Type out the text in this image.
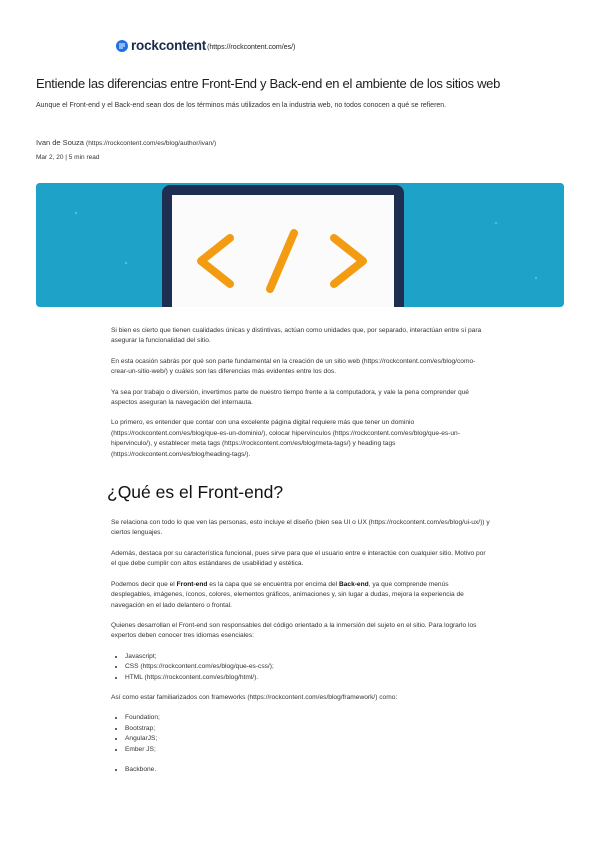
rockcontent (https://rockcontent.com/es/)
Entiende las diferencias entre Front-End y Back-end en el ambiente de los sitios web
Aunque el Front-end y el Back-end sean dos de los términos más utilizados en la industria web, no todos conocen a qué se refieren.
Ivan de Souza (https://rockcontent.com/es/blog/author/ivan/)
Mar 2, 20 | 5 min read

Si bien es cierto que tienen cualidades únicas y distintivas, actúan como unidades que, por separado, interactúan entre sí para asegurar la funcionalidad del sitio.

En esta ocasión sabrás por qué son parte fundamental en la creación de un sitio web (https://rockcontent.com/es/blog/como-crear-un-sitio-web/) y cuáles son las diferencias más evidentes entre los dos.

Ya sea por trabajo o diversión, invertimos parte de nuestro tiempo frente a la computadora, y vale la pena comprender qué aspectos aseguran la navegación del internauta.

Lo primero, es entender que contar con una excelente página digital requiere más que tener un dominio (https://rockcontent.com/es/blog/que-es-un-dominio/), colocar hipervínculos (https://rockcontent.com/es/blog/que-es-un-hipervinculo/), y establecer meta tags (https://rockcontent.com/es/blog/meta-tags/) y heading tags (https://rockcontent.com/es/blog/heading-tags/).

¿Qué es el Front-end?

Se relaciona con todo lo que ven las personas, esto incluye el diseño (bien sea UI o UX (https://rockcontent.com/es/blog/ui-ux/)) y ciertos lenguajes.

Además, destaca por su característica funcional, pues sirve para que el usuario entre e interactúe con cualquier sitio. Motivo por el que debe cumplir con altos estándares de usabilidad y estética.

Podemos decir que el Front-end es la capa que se encuentra por encima del Back-end, ya que comprende menús desplegables, imágenes, íconos, colores, elementos gráficos, animaciones y, sin lugar a dudas, mejora la experiencia de navegación en el lado delantero o frontal.

Quienes desarrollan el Front-end son responsables del código orientado a la inmersión del sujeto en el sitio. Para lograrlo los expertos deben conocer tres idiomas esenciales:

• Javascript;
• CSS (https://rockcontent.com/es/blog/que-es-css/);
• HTML (https://rockcontent.com/es/blog/html/).

Así como estar familiarizados con frameworks (https://rockcontent.com/es/blog/framework/) como:

• Foundation;
• Bootstrap;
• AngularJS;
• Ember JS;
• Backbone.
